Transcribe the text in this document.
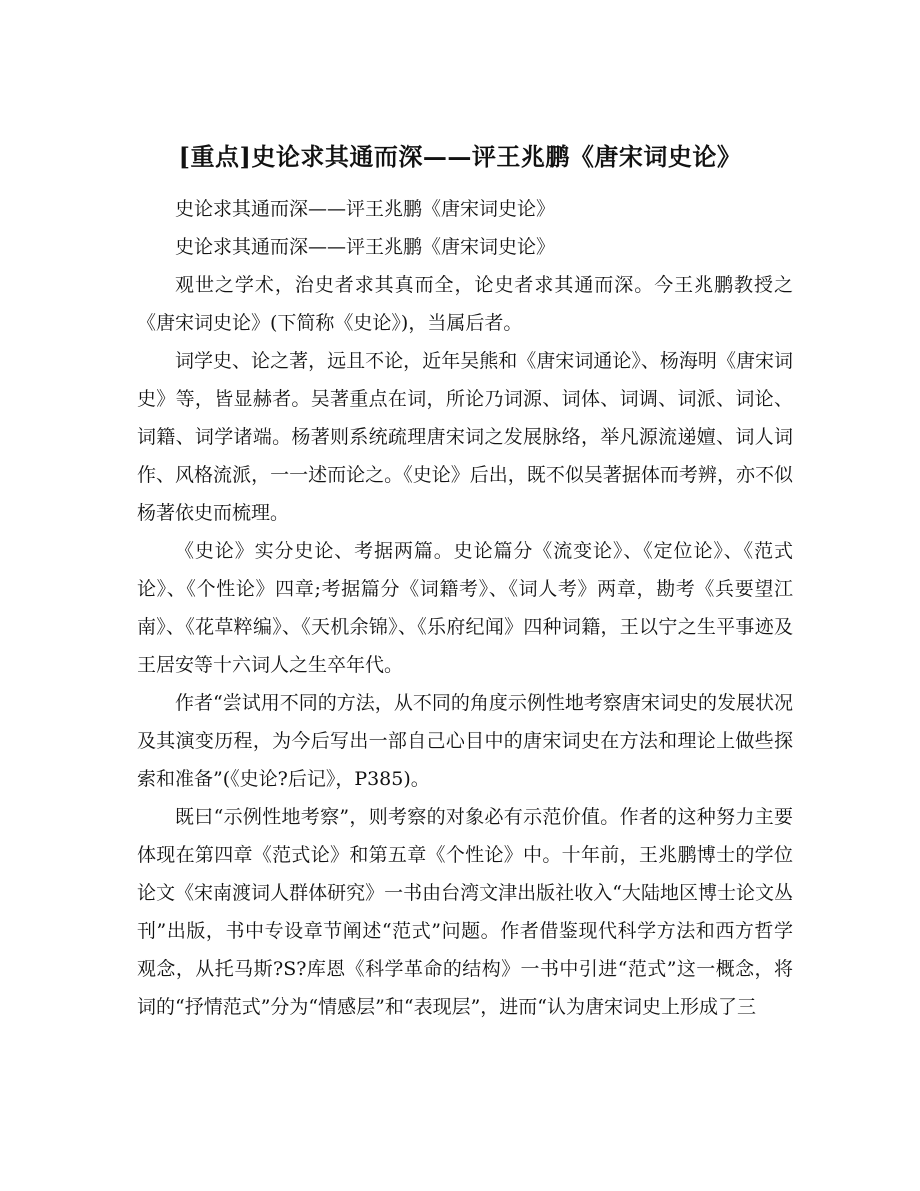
[重点]史论求其通而深——评王兆鹏《唐宋词史论》

史论求其通而深——评王兆鹏《唐宋词史论》

史论求其通而深——评王兆鹏《唐宋词史论》

观世之学术，治史者求其真而全，论史者求其通而深。今王兆鹏教授之《唐宋词史论》(下简称《史论》)，当属后者。

词学史、论之著，远且不论，近年吴熊和《唐宋词通论》、杨海明《唐宋词史》等，皆显赫者。吴著重点在词，所论乃词源、词体、词调、词派、词论、词籍、词学诸端。杨著则系统疏理唐宋词之发展脉络，举凡源流递嬗、词人词作、风格流派，一一述而论之。《史论》后出，既不似吴著据体而考辨，亦不似杨著依史而梳理。

《史论》实分史论、考据两篇。史论篇分《流变论》、《定位论》、《范式论》、《个性论》四章;考据篇分《词籍考》、《词人考》两章，勘考《兵要望江南》、《花草粹编》、《天机余锦》、《乐府纪闻》四种词籍，王以宁之生平事迹及王居安等十六词人之生卒年代。

作者“尝试用不同的方法，从不同的角度示例性地考察唐宋词史的发展状况及其演变历程，为今后写出一部自己心目中的唐宋词史在方法和理论上做些探索和准备”(《史论?后记》，P385)。

既曰“示例性地考察”，则考察的对象必有示范价值。作者的这种努力主要体现在第四章《范式论》和第五章《个性论》中。十年前，王兆鹏博士的学位论文《宋南渡词人群体研究》一书由台湾文津出版社收入“大陆地区博士论文丛刊”出版，书中专设章节阐述“范式”问题。作者借鉴现代科学方法和西方哲学观念，从托马斯?S?库恩《科学革命的结构》一书中引进“范式”这一概念，将词的“抒情范式”分为“情感层”和“表现层”，进而“认为唐宋词史上形成了三
